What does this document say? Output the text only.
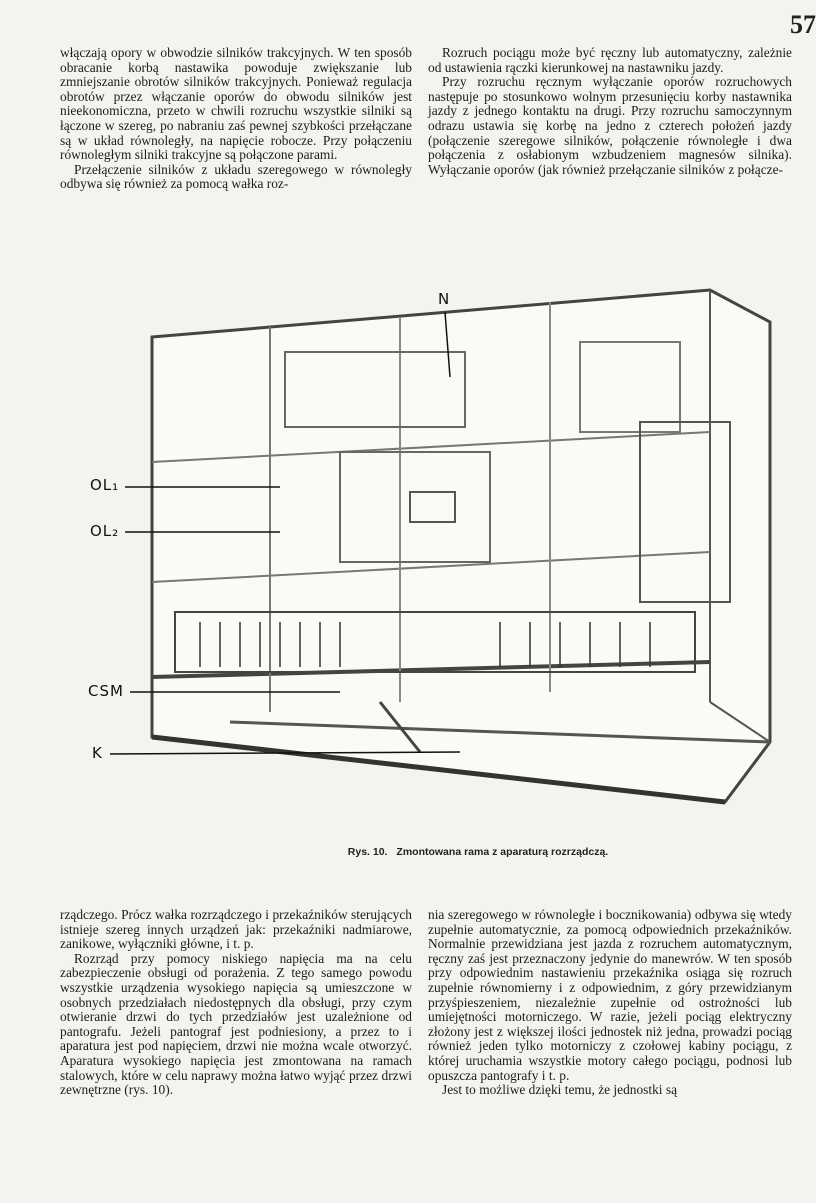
57

włączają opory w obwodzie silników trakcyjnych. W ten sposób obracanie korbą nastawika powoduje zwiększanie lub zmniejszanie obrotów silników trakcyjnych. Ponieważ regulacja obrotów przez włączanie oporów do obwodu silników jest nieekonomiczna, przeto w chwili rozruchu wszystkie silniki są łączone w szereg, po nabraniu zaś pewnej szybkości przełączane są w układ równoległy, na napięcie robocze. Przy połączeniu równoległym silniki trakcyjne są połączone parami.

Przełączenie silników z układu szeregowego w równoległy odbywa się również za pomocą wałka roz-

Rozruch pociągu może być ręczny lub automatyczny, zależnie od ustawienia rączki kierunkowej na nastawniku jazdy.

Przy rozruchu ręcznym wyłączanie oporów rozruchowych następuje po stosunkowo wolnym przesunięciu korby nastawnika jazdy z jednego kontaktu na drugi. Przy rozruchu samoczynnym odrazu ustawia się korbę na jedno z czterech położeń jazdy (połączenie szeregowe silników, połączenie równoległe i dwa połączenia z osłabionym wzbudzeniem magnesów silnika). Wyłączanie oporów (jak również przełączanie silników z połącze-

N
OL₁
OL₂
CSM
K
Rys. 10. Zmontowana rama z aparaturą rozrządczą.

rządczego. Prócz wałka rozrządczego i przekaźników sterujących istnieje szereg innych urządzeń jak: przekaźniki nadmiarowe, zanikowe, wyłączniki główne, i t. p.

Rozrząd przy pomocy niskiego napięcia ma na celu zabezpieczenie obsługi od porażenia. Z tego samego powodu wszystkie urządzenia wysokiego napięcia są umieszczone w osobnych przedziałach niedostępnych dla obsługi, przy czym otwieranie drzwi do tych przedziałów jest uzależnione od pantografu. Jeżeli pantograf jest podniesiony, a przez to i aparatura jest pod napięciem, drzwi nie można wcale otworzyć. Aparatura wysokiego napięcia jest zmontowana na ramach stalowych, które w celu naprawy można łatwo wyjąć przez drzwi zewnętrzne (rys. 10).

nia szeregowego w równoległe i bocznikowania) odbywa się wtedy zupełnie automatycznie, za pomocą odpowiednich przekaźników. Normalnie przewidziana jest jazda z rozruchem automatycznym, ręczny zaś jest przeznaczony jedynie do manewrów. W ten sposób przy odpowiednim nastawieniu przekaźnika osiąga się rozruch zupełnie równomierny i z odpowiednim, z góry przewidzianym przyśpieszeniem, niezależnie zupełnie od ostrożności lub umiejętności motorniczego. W razie, jeżeli pociąg elektryczny złożony jest z większej ilości jednostek niż jedna, prowadzi pociąg również jeden tylko motorniczy z czołowej kabiny pociągu, z której uruchamia wszystkie motory całego pociągu, podnosi lub opuszcza pantografy i t. p.

Jest to możliwe dzięki temu, że jednostki są
